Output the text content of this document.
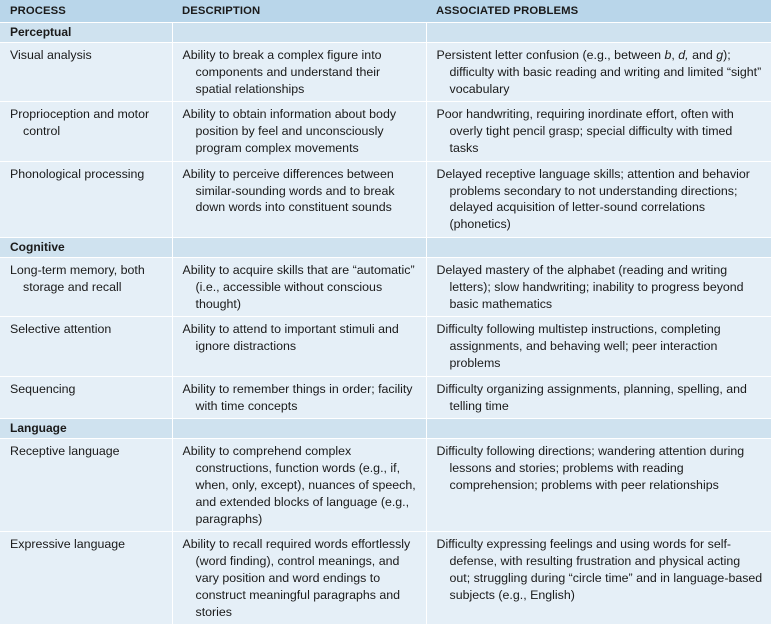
PROCESS	DESCRIPTION	ASSOCIATED PROBLEMS
Perceptual		

Visual analysis	Ability to break a complex figure into components and understand their spatial relationships	Persistent letter confusion (e.g., between b, d, and g); difficulty with basic reading and writing and limited “sight” vocabulary

Proprioception and motor control	Ability to obtain information about body position by feel and unconsciously program complex movements	Poor handwriting, requiring inordinate effort, often with overly tight pencil grasp; special difficulty with timed tasks

Phonological processing	Ability to perceive differences between similar-sounding words and to break down words into constituent sounds	Delayed receptive language skills; attention and behavior problems secondary to not understanding directions; delayed acquisition of letter-sound correlations (phonetics)

Cognitive		

Long-term memory, both storage and recall	Ability to acquire skills that are “automatic” (i.e., accessible without conscious thought)	Delayed mastery of the alphabet (reading and writing letters); slow handwriting; inability to progress beyond basic mathematics

Selective attention	Ability to attend to important stimuli and ignore distractions	Difficulty following multistep instructions, completing assignments, and behaving well; peer interaction problems

Sequencing	Ability to remember things in order; facility with time concepts	Difficulty organizing assignments, planning, spelling, and telling time

Language		

Receptive language	Ability to comprehend complex constructions, function words (e.g., if, when, only, except), nuances of speech, and extended blocks of language (e.g., paragraphs)	Difficulty following directions; wandering attention during lessons and stories; problems with reading comprehension; problems with peer relationships

Expressive language	Ability to recall required words effortlessly (word finding), control meanings, and vary position and word endings to construct meaningful paragraphs and stories	Difficulty expressing feelings and using words for self-defense, with resulting frustration and physical acting out; struggling during “circle time” and in language-based subjects (e.g., English)
